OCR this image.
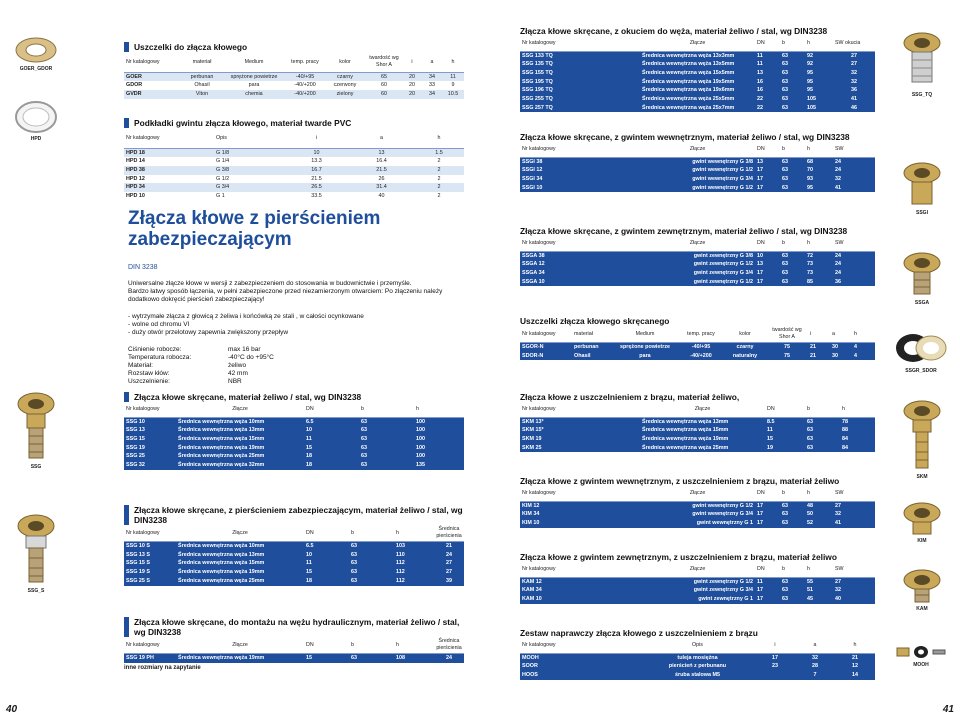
GOER_GDOR
HPD
SSG
SSG_S
Uszczelki do złącza kłowego
Nr katalogowy	materiał	Medium	temp. pracy	kolor	twardość wg Shor A	i	a	h
GOER	perbunan	sprężone powietrze	-40/+95	czarny	65	20	34	11
GDOR	Ohasil	para	-40/+200	czerwony	60	20	33	9
GVDR	Viton	chemia	-40/+200	zielony	60	20	34	10.5
Podkładki gwintu złącza kłowego, materiał twarde PVC
Nr katalogowy	Opis	i	a	h
HPD 18	G 1/8	10	13	1.5
HPD 14	G 1/4	13.3	16.4	2
HPD 38	G 3/8	16.7	21.5	2
HPD 12	G 1/2	21.5	26	2
HPD 34	G 3/4	26.5	31.4	2
HPD 10	G 1	33.5	40	2
Złącza kłowe z pierścieniem
zabezpieczającym
DIN 3238
Uniwersalne złącze kłowe w wersji z zabezpieczeniem do stosowania w budownictwie i przemyśle.
Bardzo łatwy sposób łączenia, w pełni zabezpieczone przed niezamierzonym otwarciem: Po złączeniu należy dodatkowo dokręcić pierścień zabezpieczający!
- wytrzymałe złącza z głowicą z żeliwa i końcówką ze stali , w całości ocynkowane
- wolne od chromu VI
- duży otwór przelotowy zapewnia zwiększony przepływ
Ciśnienie robocze:	max 16 bar
Temperatura robocza:	-40°C do +95°C
Materiał:	żeliwo
Rozstaw kłów:	42 mm
Uszczelnienie:	NBR
Złącza kłowe skręcane, materiał żeliwo / stal, wg DIN3238
Nr katalogowy	Złącze	DN	b	h
SSG 10	Średnica wewnętrzna węża 10mm	6.5	63	100
SSG 13	Średnica wewnętrzna węża 13mm	10	63	100
SSG 15	Średnica wewnętrzna węża 15mm	11	63	100
SSG 19	Średnica wewnętrzna węża 19mm	15	63	100
SSG 25	Średnica wewnętrzna węża 25mm	18	63	100
SSG 32	Średnica wewnętrzna węża 32mm	18	63	135
Złącza kłowe skręcane, z pierścieniem zabezpieczającym, materiał żeliwo / stal, wg DIN3238
Nr katalogowy	Złącze	DN	b	h	Średnica pierścienia
SSG 10 S	Średnica wewnętrzna węża 10mm	6.5	63	103	21
SSG 13 S	Średnica wewnętrzna węża 13mm	10	63	110	24
SSG 15 S	Średnica wewnętrzna węża 15mm	11	63	112	27
SSG 19 S	Średnica wewnętrzna węża 19mm	15	63	112	27
SSG 25 S	Średnica wewnętrzna węża 25mm	18	63	112	39
Złącza kłowe skręcane, do montażu na wężu hydraulicznym, materiał żeliwo / stal, wg DIN3238
Nr katalogowy	Złącze	DN	b	h	Średnica pierścienia
SSG 19 PH	Średnica wewnętrzna węża 19mm	15	63	108	24
inne rozmiary na zapytanie
40
SSG_TQ
SSGI
SSGA
SSGR_SDOR
SKM
KIM
KAM
MOOH
Złącza kłowe skręcane, z okuciem do węża, materiał żeliwo / stal, wg DIN3238
Nr katalogowy	Złącze	DN	b	h	SW okucia
SSG 133 TQ	Średnica wewnętrzna węża 13x3mm	11	63	92	27
SSG 135 TQ	Średnica wewnętrzna węża 13x5mm	11	63	92	27
SSG 155 TQ	Średnica wewnętrzna węża 15x5mm	13	63	95	32
SSG 195 TQ	Średnica wewnętrzna węża 19x5mm	16	63	95	32
SSG 196 TQ	Średnica wewnętrzna węża 19x6mm	16	63	95	36
SSG 255 TQ	Średnica wewnętrzna węża 25x5mm	22	63	105	41
SSG 257 TQ	Średnica wewnętrzna węża 25x7mm	22	63	105	46
Złącza kłowe skręcane, z gwintem wewnętrznym, materiał żeliwo / stal, wg DIN3238
Nr katalogowy	Złącze	DN	b	h	SW
SSGI 38	gwint wewnętrzny G 3/8	13	63	68	24
SSGI 12	gwint wewnętrzny G 1/2	17	63	70	24
SSGI 34	gwint wewnętrzny G 3/4	17	63	93	32
SSGI 10	gwint wewnętrzny G 1/2	17	63	95	41
Złącza kłowe skręcane, z gwintem zewnętrznym, materiał żeliwo / stal, wg DIN3238
Nr katalogowy	Złącze	DN	b	h	SW
SSGA 38	gwint zewnętrzny G 3/8	10	63	72	24
SSGA 12	gwint zewnętrzny G 1/2	13	63	73	24
SSGA 34	gwint zewnętrzny G 3/4	17	63	73	24
SSGA 10	gwint zewnętrzny G 1/2	17	63	85	36
Uszczelki złącza kłowego skręcanego
Nr katalogowy	materiał	Medium	temp. pracy	kolor	twardość wg Shor A	i	a	h
SGOR-N	perbunan	sprężone powietrze	-40/+95	czarny	75	21	30	4
SDOR-N	Ohasil	para	-40/+200	naturalny	75	21	30	4
Złącza kłowe z uszczelnieniem z brązu, materiał żeliwo,
Nr katalogowy	Złącze	DN	b	h
SKM 13*	Średnica wewnętrzna węża 13mm	8.5	63	78
SKM 15*	Średnica wewnętrzna węża 15mm	11	63	88
SKM 19	Średnica wewnętrzna węża 19mm	15	63	84
SKM 25	Średnica wewnętrzna węża 25mm	19	63	84
Złącza kłowe z gwintem wewnętrznym, z uszczelnieniem z brązu, materiał żeliwo
Nr katalogowy	Złącze	DN	b	h	SW
KIM 12	gwint wewnętrzny G 1/2	17	63	48	27
KIM 34	gwint wewnętrzny G 3/4	17	63	50	32
KIM 10	gwint wewnętrzny G 1	17	63	52	41
Złącza kłowe z gwintem zewnętrznym, z uszczelnieniem z brązu, materiał żeliwo
Nr katalogowy	Złącze	DN	b	h	SW
KAM 12	gwint zewnętrzny G 1/2	11	63	55	27
KAM 34	gwint zewnętrzny G 3/4	17	63	51	32
KAM 10	gwint zewnętrzny G 1	17	63	45	40
Zestaw naprawczy złącza kłowego z uszczelnieniem z brązu
Nr katalogowy	Opis	i	a	h
MOOH	tuleja mosiężna	17	32	21
SOOR	pierścień z perbunanu	23	28	12
HOOS	śruba stalowa M5		7	14
41
